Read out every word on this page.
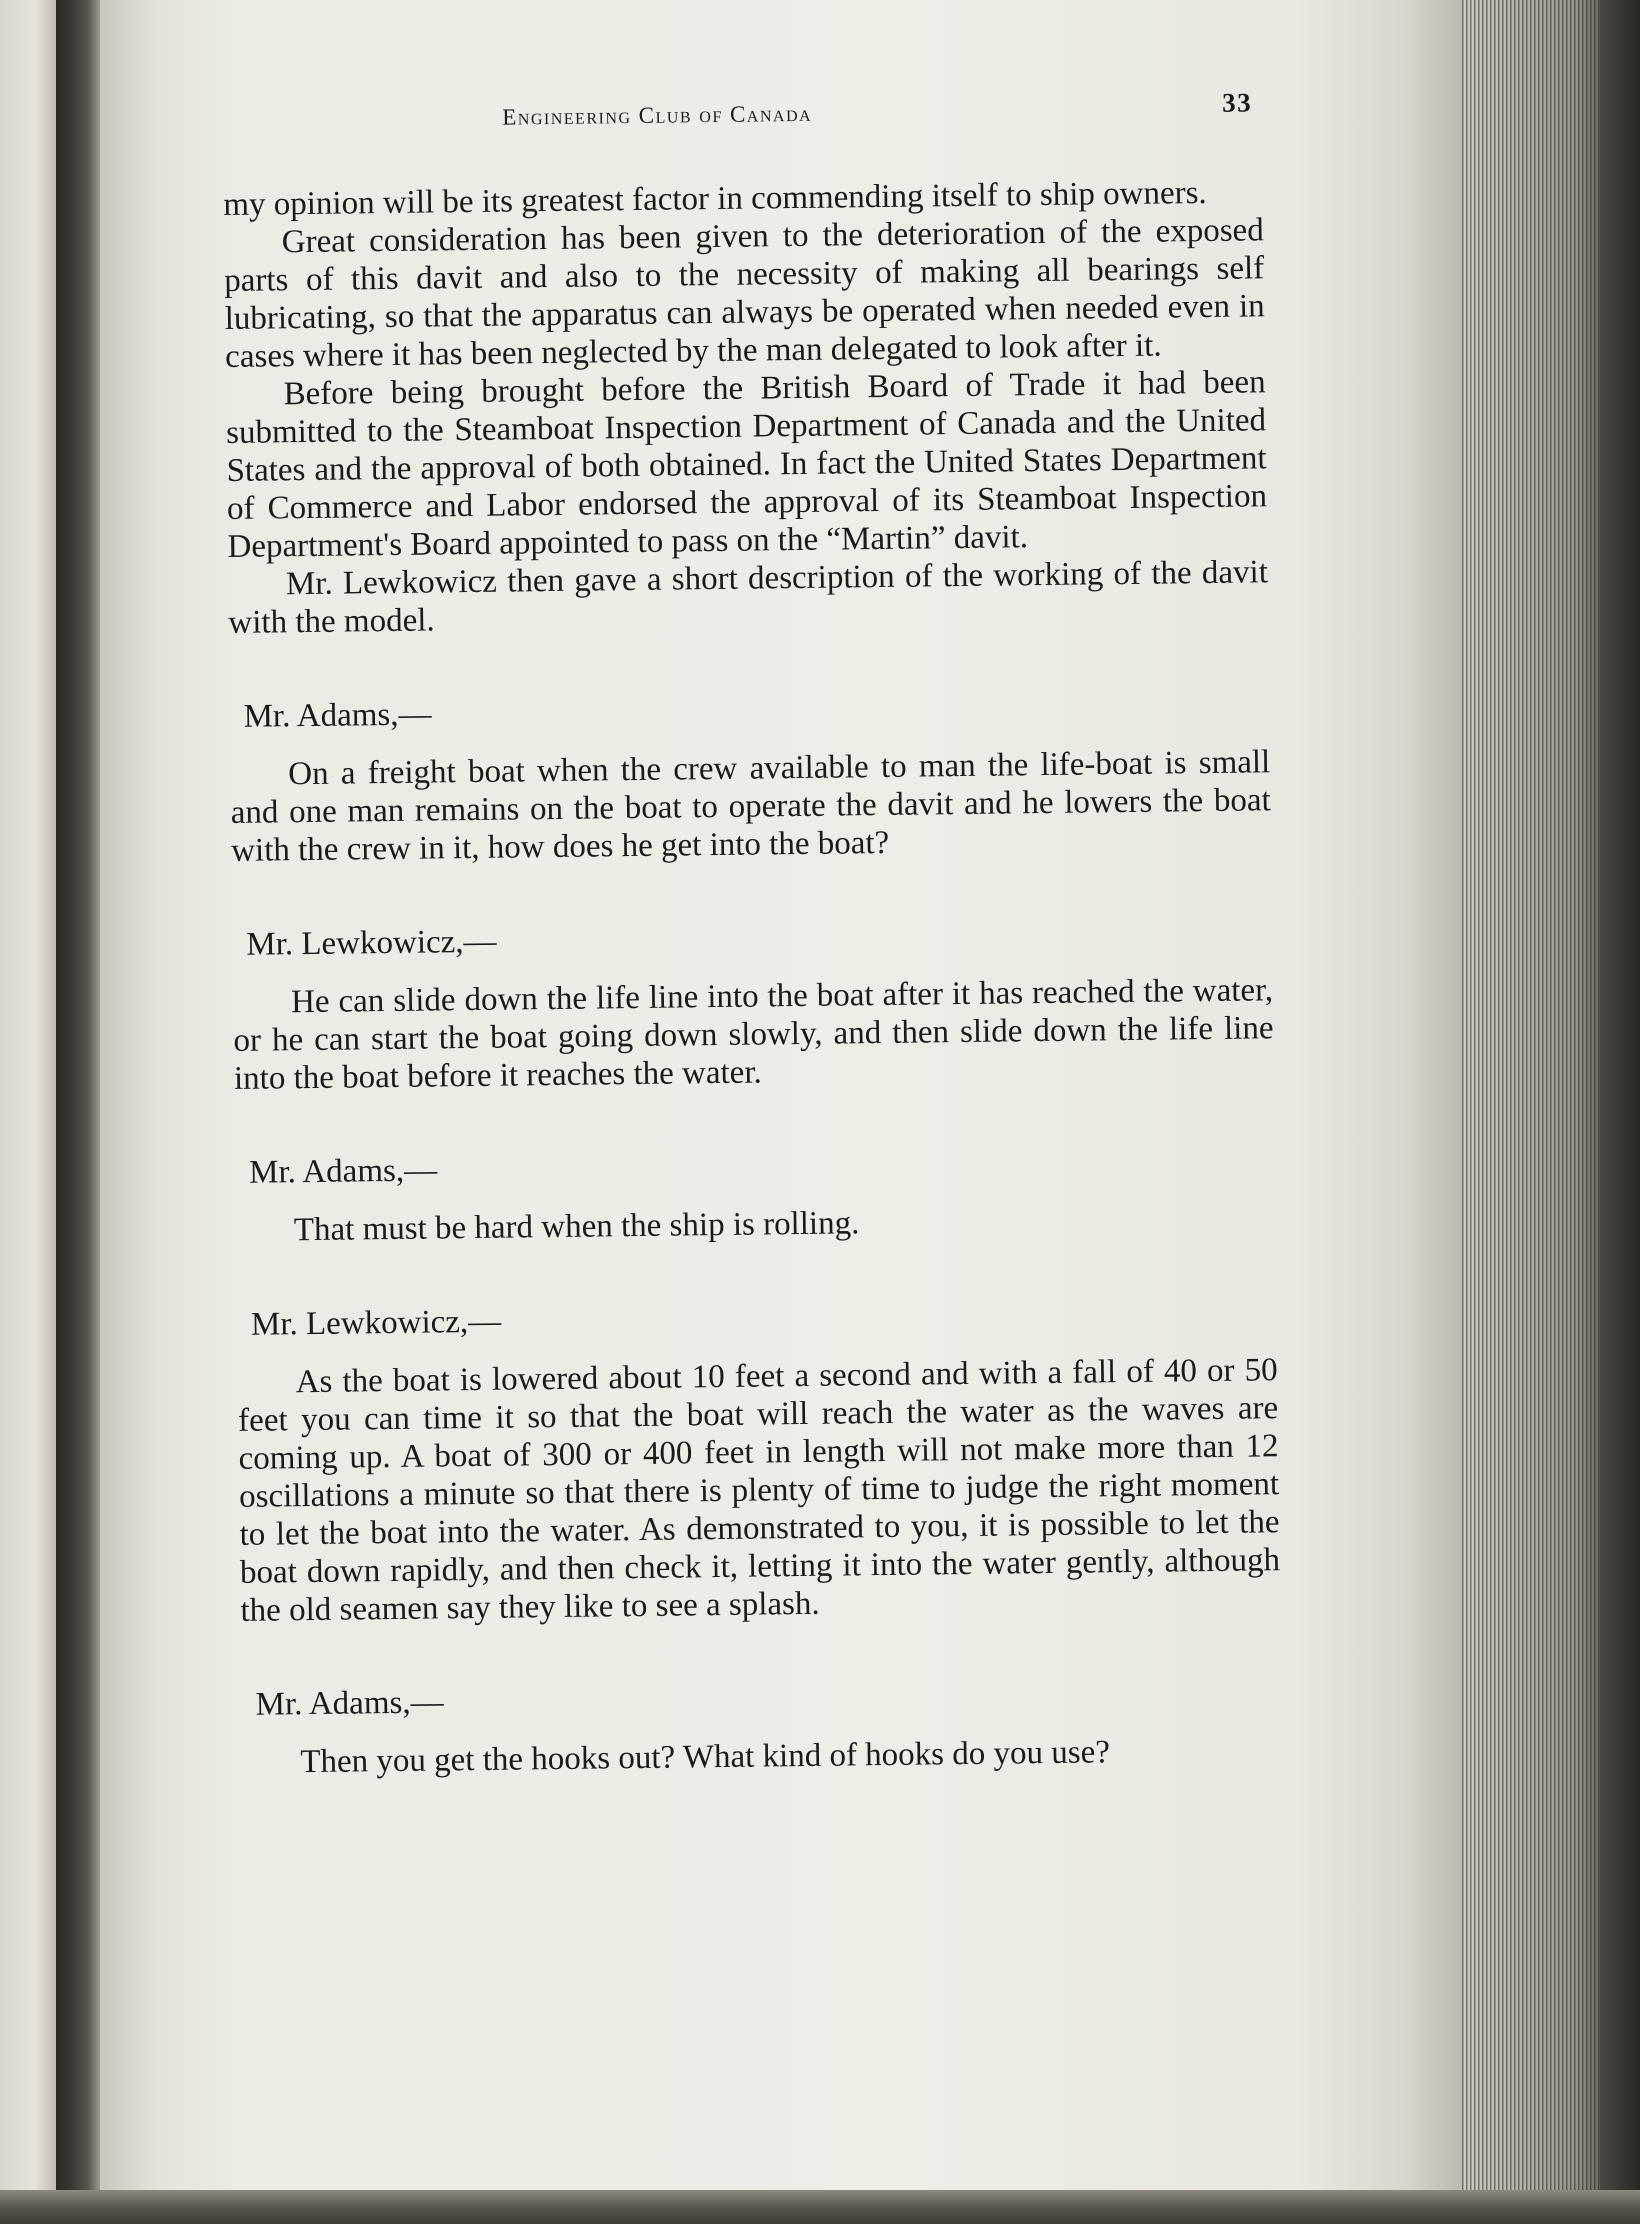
Engineering Club of Canada	33

my opinion will be its greatest factor in commending itself to ship owners.

Great consideration has been given to the deterioration of the exposed parts of this davit and also to the necessity of making all bearings self lubricating, so that the apparatus can always be operated when needed even in cases where it has been neglected by the man delegated to look after it.

Before being brought before the British Board of Trade it had been submitted to the Steamboat Inspection Department of Canada and the United States and the approval of both obtained. In fact the United States Department of Commerce and Labor endorsed the approval of its Steamboat Inspection Department's Board appointed to pass on the “Martin” davit.

Mr. Lewkowicz then gave a short description of the working of the davit with the model.

Mr. Adams,—

On a freight boat when the crew available to man the life-boat is small and one man remains on the boat to operate the davit and he lowers the boat with the crew in it, how does he get into the boat?

Mr. Lewkowicz,—

He can slide down the life line into the boat after it has reached the water, or he can start the boat going down slowly, and then slide down the life line into the boat before it reaches the water.

Mr. Adams,—

That must be hard when the ship is rolling.

Mr. Lewkowicz,—

As the boat is lowered about 10 feet a second and with a fall of 40 or 50 feet you can time it so that the boat will reach the water as the waves are coming up. A boat of 300 or 400 feet in length will not make more than 12 oscillations a minute so that there is plenty of time to judge the right moment to let the boat into the water. As demonstrated to you, it is possible to let the boat down rapidly, and then check it, letting it into the water gently, although the old seamen say they like to see a splash.

Mr. Adams,—

Then you get the hooks out? What kind of hooks do you use?
